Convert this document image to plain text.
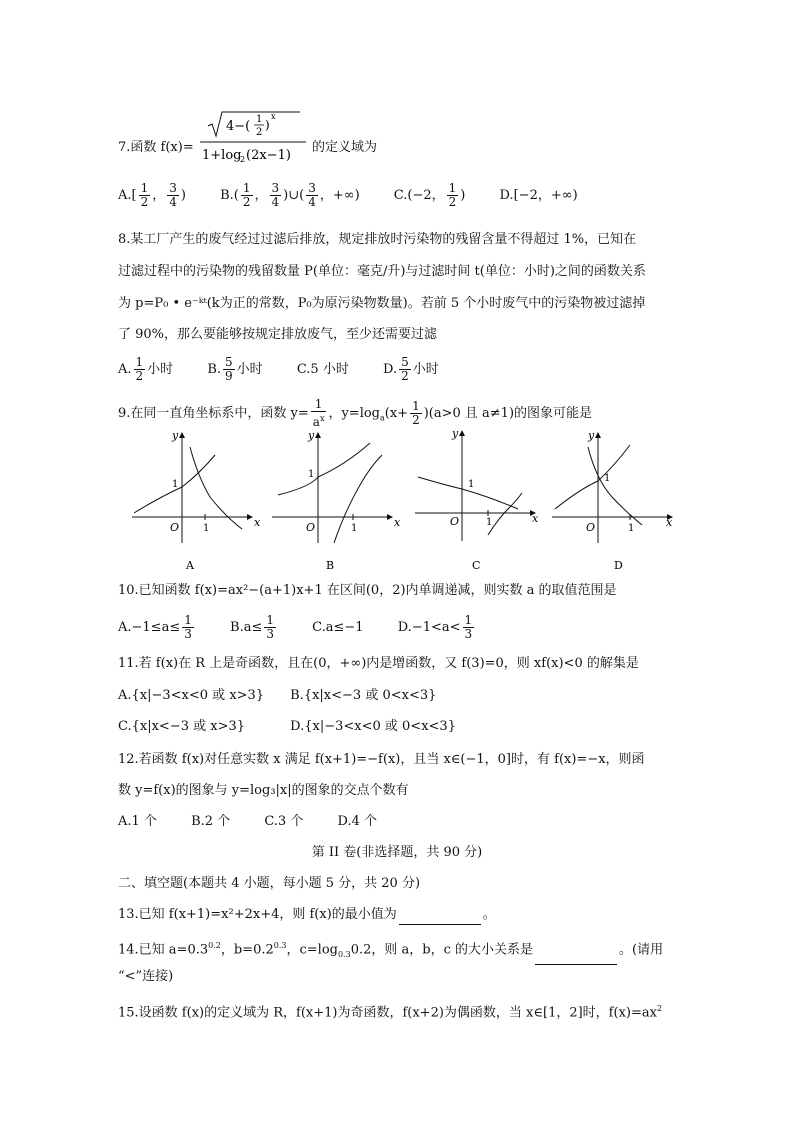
7.函数 f(x)=
4−( 1
2
)
x
1+log
2 (2x−1)
的定义域为
$A.[ \frac{1}{2}$ ， $\frac{3}{4}$ )	$B.( \frac{1}{2}$ ， $\frac{3}{4}$ )∪( $\frac{3}{4}$ ，+∞)	C.(−2， $\frac{1}{2}$ )	D.[−2，+∞)
8.某工厂产生的废气经过过滤后排放，规定排放时污染物的残留含量不得超过 1%，已知在
过滤过程中的污染物的残留数量 P(单位：毫克/升)与过滤时间 t(单位：小时)之间的函数关系
为 p=P₀ • e⁻ᵏᵗ(k为正的常数，P₀为原污染物数量)。若前 5 个小时废气中的污染物被过滤掉
了 90%，那么要能够按规定排放废气，至少还需要过滤
A. $\frac{1}{2}$ 小时	B. $\frac{5}{9}$ 小时	C.5 小时	D. $\frac{5}{2}$ 小时
9.在同一直角坐标系中，函数 $y= \frac{1}{a^x}$ ，$y=\log_a(x+ \frac{1}{2} )(a>0$ 且 a≠1)的图象可能是
y
x
O
1
1
y
x
O
1
1
y
x
O
1
1
y
x
O
1
1
A	B	C	D
10.已知函数 f(x)=ax²−(a+1)x+1 在区间(0，2)内单调递减，则实数 a 的取值范围是
$A.-1\le a\le \frac{1}{3}$	$B.a\le \frac{1}{3}$	C.a≤−1	$D.-1<a< \frac{1}{3}$
11.若 f(x)在 R 上是奇函数，且在(0，+∞)内是增函数，又 f(3)=0，则 xf(x)<0 的解集是
A.{x|−3<x<0 或 x>3} B.{x|x<−3 或 0<x<3}
C.{x|x<−3 或 x>3}	D.{x|−3<x<0 或 0<x<3}
12.若函数 f(x)对任意实数 x 满足 f(x+1)=−f(x)，且当 x∈(−1，0]时，有 f(x)=−x，则函
数 y=f(x)的图象与 y=log₃|x|的图象的交点个数有
A.1 个	B.2 个	C.3 个	D.4 个
第 II 卷(非选择题，共 90 分)
二、填空题(本题共 4 小题，每小题 5 分，共 20 分)
13.已知 f(x+1)=x²+2x+4，则 f(x)的最小值为	。
14.已知 $a=0.3^{0.2}$，$b=0.2^{0.3}$，$c=\log_{0.3}0.2$，则 a，b，c 的大小关系是	。(请用
“<”连接)
15.设函数 f(x)的定义域为 R，f(x+1)为奇函数，f(x+2)为偶函数，当 x∈[1，2]时，$f(x)=ax^2$
